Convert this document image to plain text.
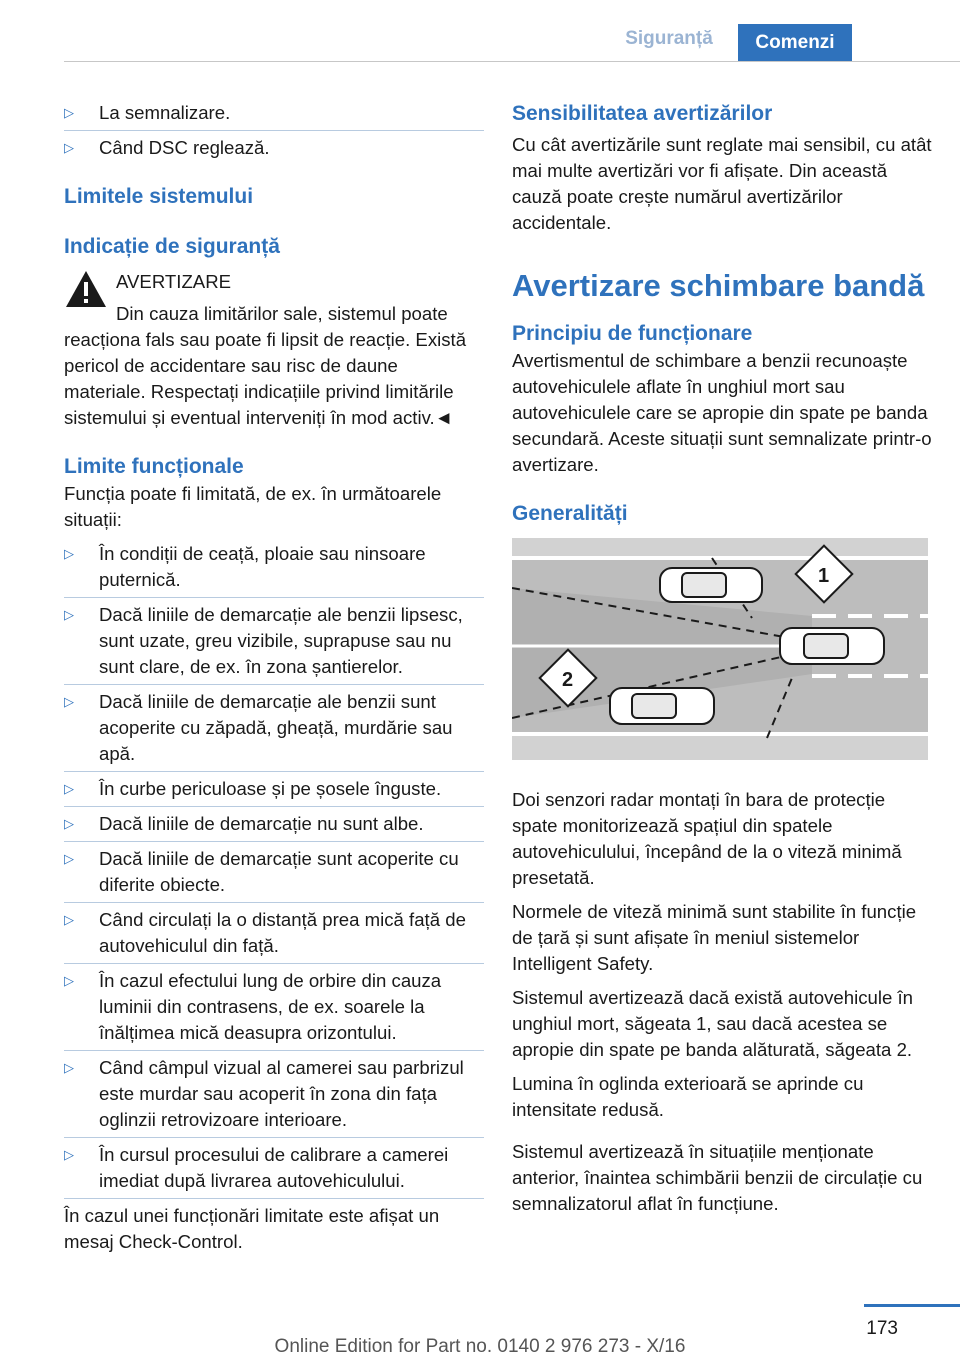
Siguranță	Comenzi
▷ La semnalizare.
▷ Când DSC reglează.
Limitele sistemului
Indicație de siguranță
AVERTIZARE

Din cauza limitărilor sale, sistemul poate reacționa fals sau poate fi lipsit de reacție. Există pericol de accidentare sau risc de daune materiale. Respectați indicațiile privind limitările sistemului și eventual interveniți în mod activ.◄

Limite funcționale

Funcția poate fi limitată, de ex. în următoarele situații:

▷ În condiții de ceață, ploaie sau ninsoare puternică.
▷ Dacă liniile de demarcație ale benzii lipsesc, sunt uzate, greu vizibile, suprapuse sau nu sunt clare, de ex. în zona șantierelor.
▷ Dacă liniile de demarcație ale benzii sunt acoperite cu zăpadă, gheață, murdărie sau apă.
▷ În curbe periculoase și pe șosele înguste.
▷ Dacă liniile de demarcație nu sunt albe.
▷ Dacă liniile de demarcație sunt acoperite cu diferite obiecte.
▷ Când circulați la o distanță prea mică față de autovehiculul din față.
▷ În cazul efectului lung de orbire din cauza luminii din contrasens, de ex. soarele la înălțimea mică deasupra orizontului.
▷ Când câmpul vizual al camerei sau parbrizul este murdar sau acoperit în zona din fața oglinzii retrovizoare interioare.
▷ În cursul procesului de calibrare a camerei imediat după livrarea autovehiculului.

În cazul unei funcționări limitate este afișat un mesaj Check-Control.

Sensibilitatea avertizărilor

Cu cât avertizările sunt reglate mai sensibil, cu atât mai multe avertizări vor fi afișate. Din această cauză poate crește numărul avertizărilor accidentale.

Avertizare schimbare bandă
Principiu de funcționare

Avertismentul de schimbare a benzii recunoaște autovehiculele aflate în unghiul mort sau autovehiculele care se apropie din spate pe banda secundară. Aceste situații sunt semnalizate printr-o avertizare.

Generalități
1
2

Doi senzori radar montați în bara de protecție spate monitorizează spațiul din spatele autovehiculului, începând de la o viteză minimă presetată.

Normele de viteză minimă sunt stabilite în funcție de țară și sunt afișate în meniul sistemelor Intelligent Safety.

Sistemul avertizează dacă există autovehicule în unghiul mort, săgeata 1, sau dacă acestea se apropie din spate pe banda alăturată, săgeata 2.

Lumina în oglinda exterioară se aprinde cu intensitate redusă.

Sistemul avertizează în situațiile menționate anterior, înaintea schimbării benzii de circulație cu semnalizatorul aflat în funcțiune.

173
Online Edition for Part no. 0140 2 976 273 - X/16
